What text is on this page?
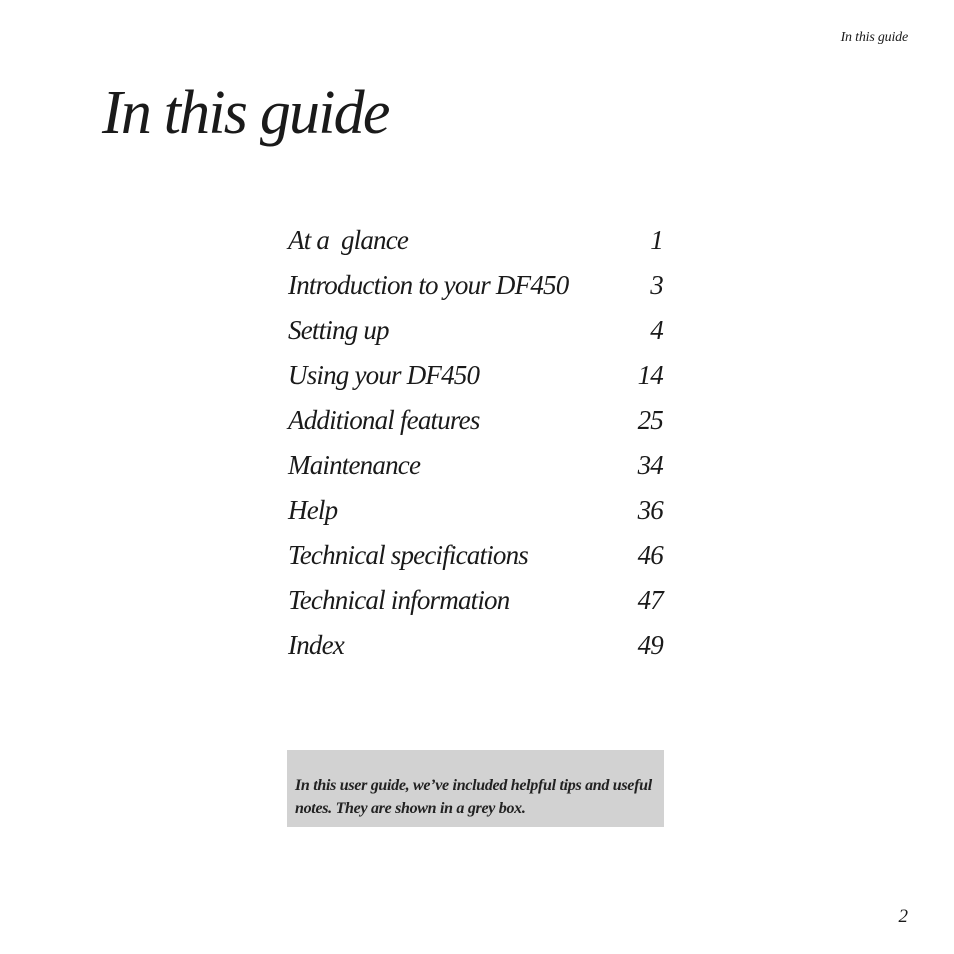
In this guide
In this guide
At a  glance	1
Introduction to your DF450	3
Setting up	4
Using your DF450	14
Additional features	25
Maintenance	34
Help	36
Technical specifications	46
Technical information	47
Index	49

In this user guide, we’ve included helpful tips and useful notes. They are shown in a grey box.

2
